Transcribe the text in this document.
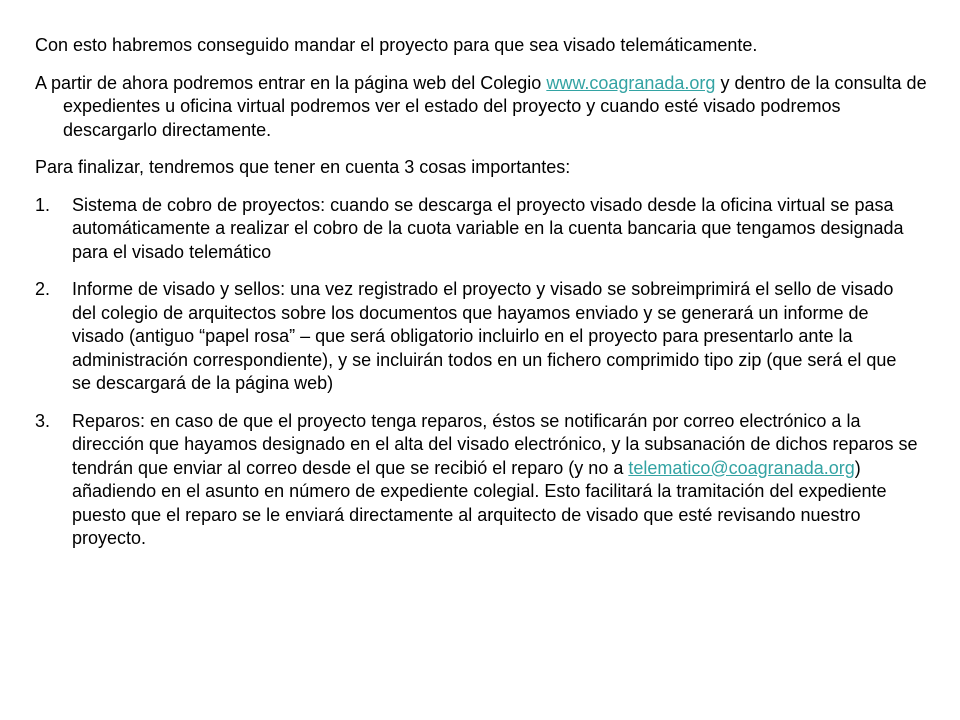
Con esto habremos conseguido mandar el proyecto para que sea visado telemáticamente.

A partir de ahora podremos entrar en la página web del Colegio www.coagranada.org y dentro de la consulta de expedientes u oficina virtual podremos ver el estado del proyecto y cuando esté visado podremos descargarlo directamente.

Para finalizar, tendremos que tener en cuenta 3 cosas importantes:

1.	Sistema de cobro de proyectos: cuando se descarga el proyecto visado desde la oficina virtual se pasa automáticamente a realizar el cobro de la cuota variable en la cuenta bancaria que tengamos designada para el visado telemático
2.	Informe de visado y sellos: una vez registrado el proyecto y visado se sobreimprimirá el sello de visado del colegio de arquitectos sobre los documentos que hayamos enviado y se generará un informe de visado (antiguo “papel rosa” – que será obligatorio incluirlo en el proyecto para presentarlo ante la administración correspondiente), y se incluirán todos en un fichero comprimido tipo zip (que será el que se descargará de la página web)
3.	Reparos: en caso de que el proyecto tenga reparos, éstos se notificarán por correo electrónico a la dirección que hayamos designado en el alta del visado electrónico, y la subsanación de dichos reparos se tendrán que enviar al correo desde el que se recibió el reparo (y no a telematico@coagranada.org) añadiendo en el asunto en número de expediente colegial. Esto facilitará la tramitación del expediente puesto que el reparo se le enviará directamente al arquitecto de visado que esté revisando nuestro proyecto.
